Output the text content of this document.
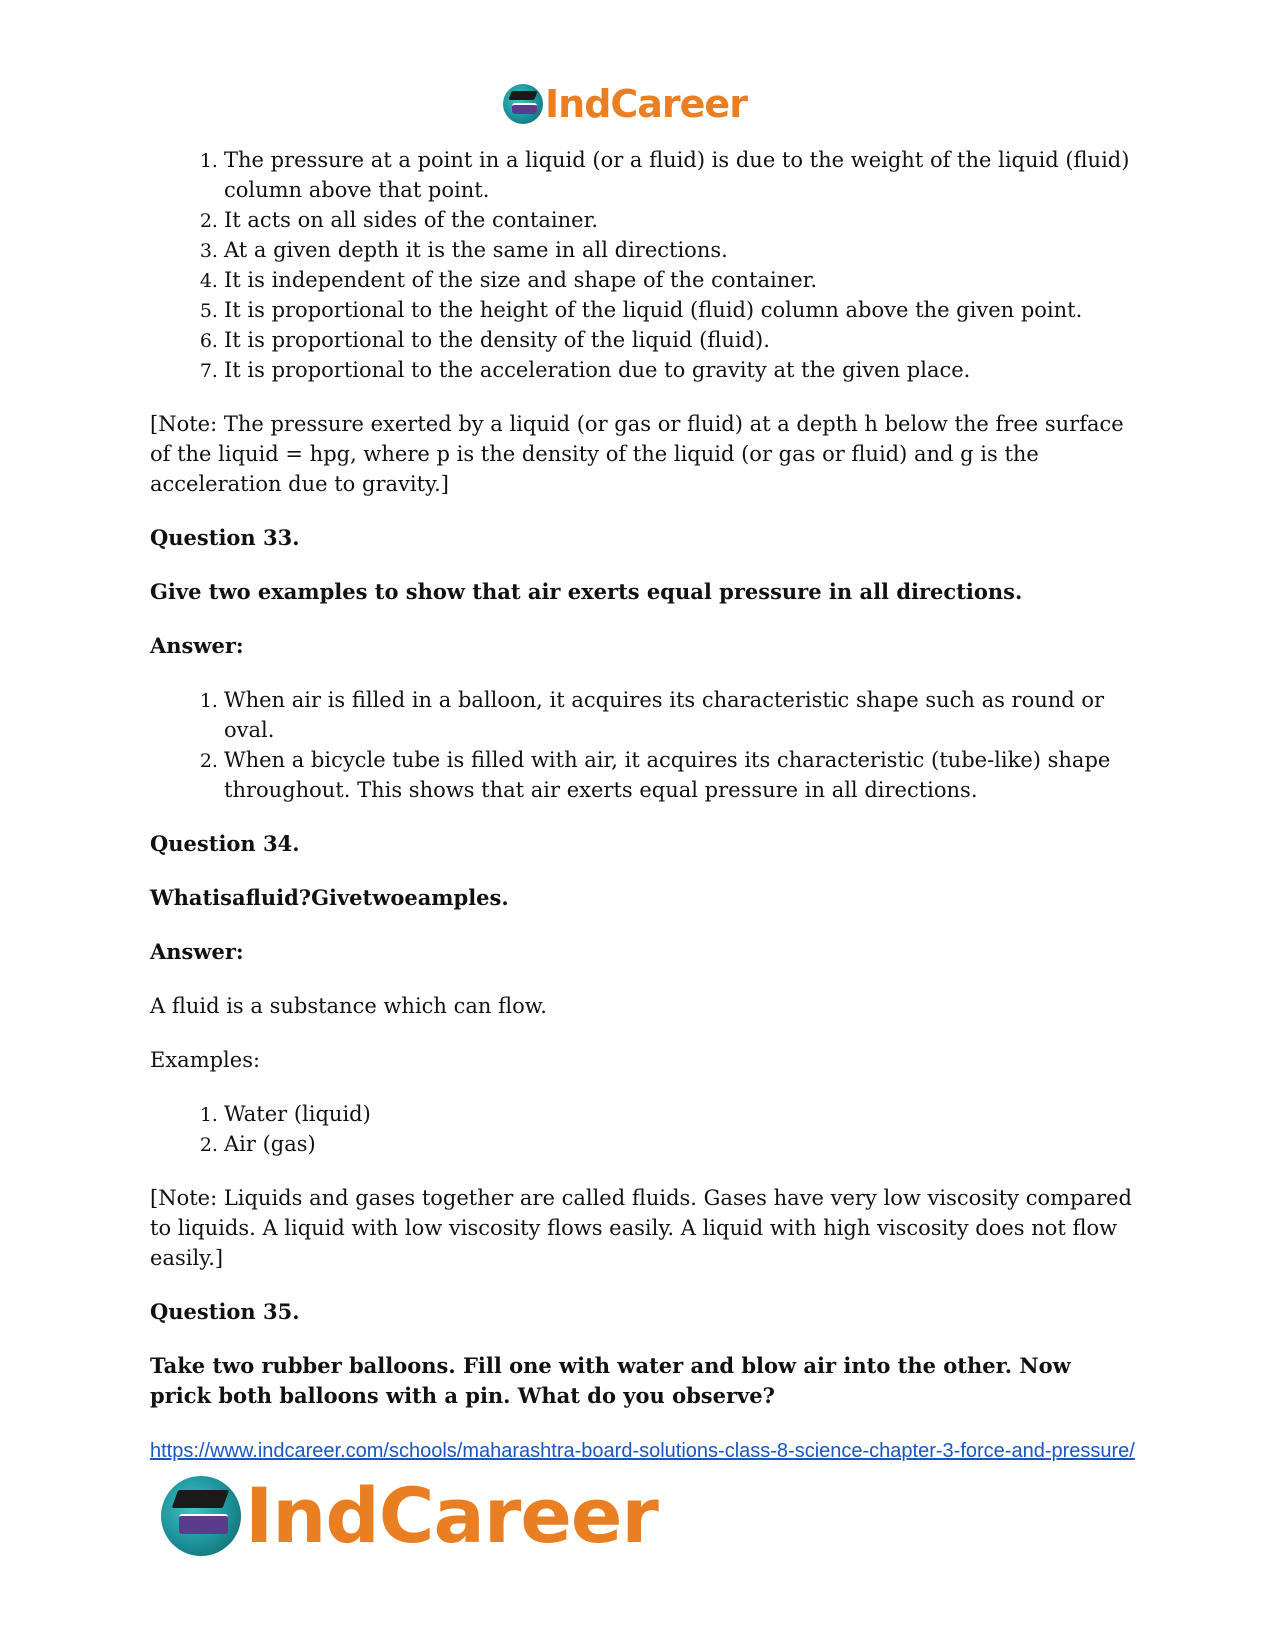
IndCareer
1. The pressure at a point in a liquid (or a fluid) is due to the weight of the liquid (fluid) column above that point.
2. It acts on all sides of the container.
3. At a given depth it is the same in all directions.
4. It is independent of the size and shape of the container.
5. It is proportional to the height of the liquid (fluid) column above the given point.
6. It is proportional to the density of the liquid (fluid).
7. It is proportional to the acceleration due to gravity at the given place.

[Note: The pressure exerted by a liquid (or gas or fluid) at a depth h below the free surface of the liquid = hpg, where p is the density of the liquid (or gas or fluid) and g is the acceleration due to gravity.]

Question 33.

Give two examples to show that air exerts equal pressure in all directions.

Answer:

1. When air is filled in a balloon, it acquires its characteristic shape such as round or oval.
2. When a bicycle tube is filled with air, it acquires its characteristic (tube-like) shape throughout. This shows that air exerts equal pressure in all directions.

Question 34.

Whatisafluid?Givetwoeamples.

Answer:

A fluid is a substance which can flow.

Examples:

1. Water (liquid)
2. Air (gas)

[Note: Liquids and gases together are called fluids. Gases have very low viscosity compared to liquids. A liquid with low viscosity flows easily. A liquid with high viscosity does not flow easily.]

Question 35.

Take two rubber balloons. Fill one with water and blow air into the other. Now prick both balloons with a pin. What do you observe?

https://www.indcareer.com/schools/maharashtra-board-solutions-class-8-science-chapter-3-force-and-pressure/
IndCareer
